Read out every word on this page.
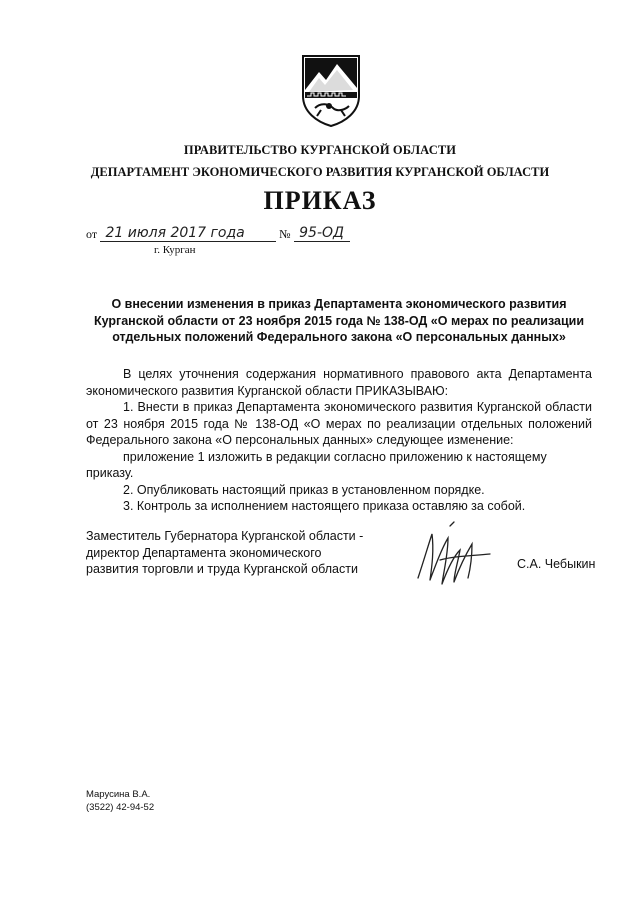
ПРАВИТЕЛЬСТВО КУРГАНСКОЙ ОБЛАСТИ
ДЕПАРТАМЕНТ ЭКОНОМИЧЕСКОГО РАЗВИТИЯ КУРГАНСКОЙ ОБЛАСТИ
ПРИКАЗ
от 21 июля 2017 года	№ 95-ОД
г. Курган
О внесении изменения в приказ Департамента экономического развития
Курганской области от 23 ноября 2015 года № 138-ОД «О мерах по реализации
отдельных положений Федерального закона «О персональных данных»
В целях уточнения содержания нормативного правового акта Департамента
экономического развития Курганской области ПРИКАЗЫВАЮ:
1. Внести в приказ Департамента экономического развития Курганской области
от 23 ноября 2015 года № 138-ОД «О мерах по реализации отдельных положений
Федерального закона «О персональных данных» следующее изменение:
приложение 1 изложить в редакции согласно приложению к настоящему приказу.
2. Опубликовать настоящий приказ в установленном порядке.
3. Контроль за исполнением настоящего приказа оставляю за собой.
Заместитель Губернатора Курганской области -
директор Департамента экономического
развития торговли и труда Курганской области	С.А. Чебыкин
Марусина В.А.
(3522) 42-94-52
